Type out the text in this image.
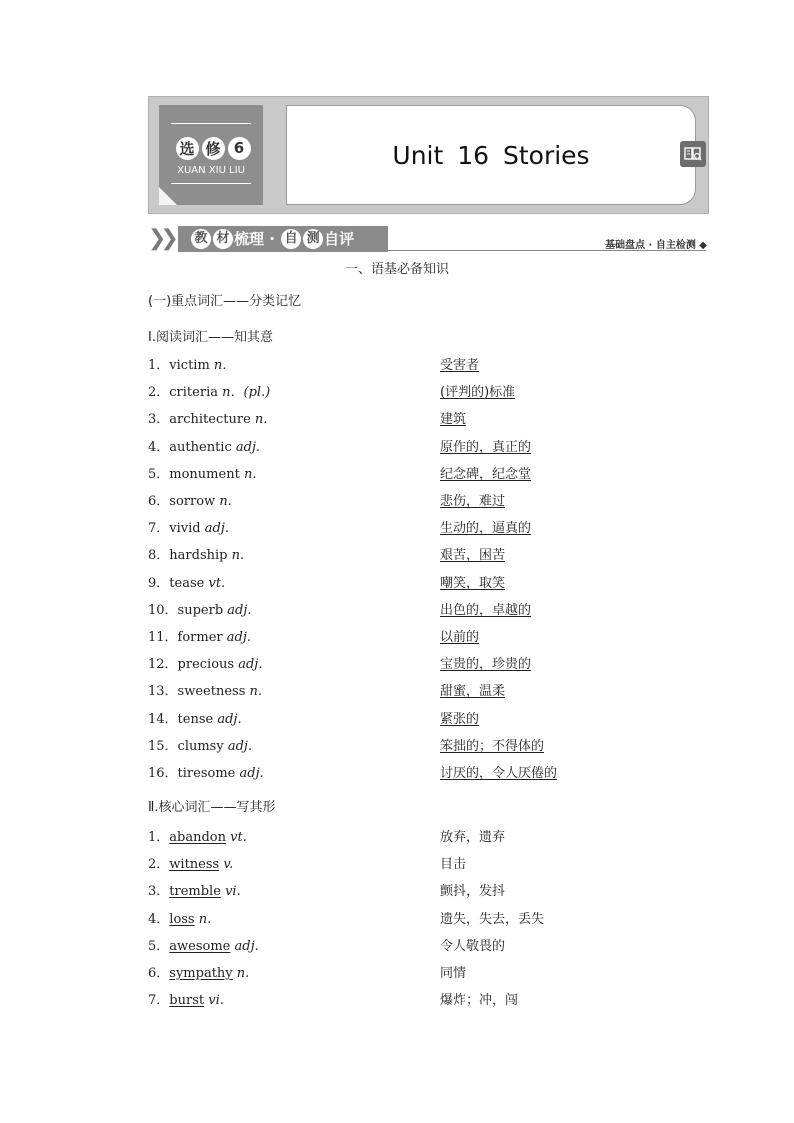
选 修 6
XUAN XIU LIU
Unit 16 Stories
❯❯	教 材 梳理 · 自 测 自评	基础盘点 · 自主检测 ◆
一、语基必备知识
(一)重点词汇——分类记忆
Ⅰ.阅读词汇——知其意
1．victim n．	受害者
2．criteria n．(pl.)	(评判的)标准
3．architecture n.	建筑
4．authentic adj.	原作的，真正的
5．monument n.	纪念碑，纪念堂
6．sorrow n.	悲伤，难过
7．vivid adj.	生动的，逼真的
8．hardship n.	艰苦，困苦
9．tease vt.	嘲笑，取笑
10．superb adj.	出色的，卓越的
11．former adj.	以前的
12．precious adj.	宝贵的，珍贵的
13．sweetness n.	甜蜜，温柔
14．tense adj.	紧张的
15．clumsy adj.	笨拙的；不得体的
16．tiresome adj.	讨厌的，令人厌倦的
Ⅱ.核心词汇——写其形
1．abandon vt.	放弃，遗弃
2．witness v.	目击
3．tremble vi.	颤抖，发抖
4．loss n.	遗失，失去，丢失
5．awesome adj.	令人敬畏的
6．sympathy n.	同情
7．burst vi.	爆炸；冲，闯
